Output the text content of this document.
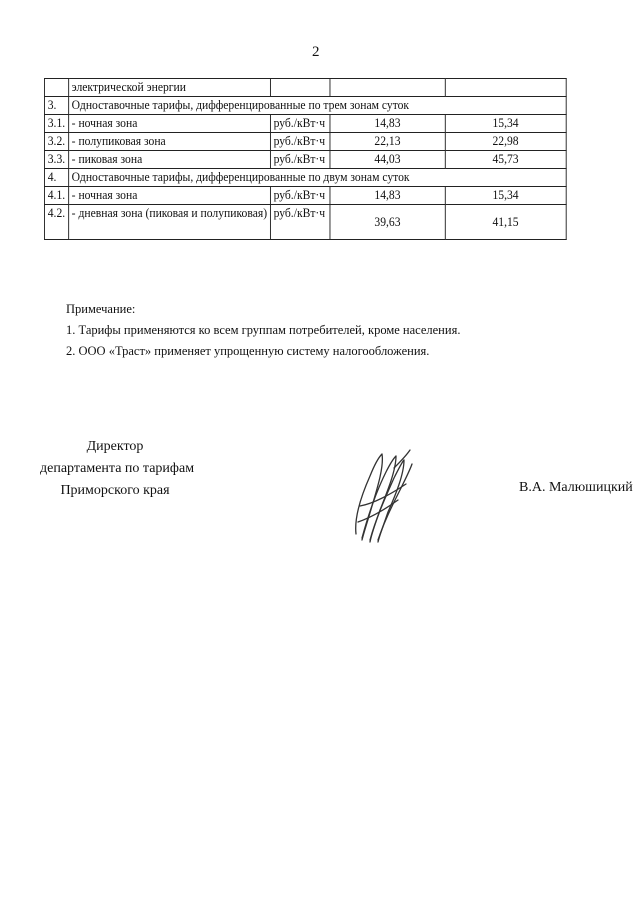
2
	электрической энергии			
3.	Одноставочные тарифы, дифференцированные по трем зонам суток			
3.1.	- ночная зона	руб./кВт·ч	14,83	15,34
3.2.	- полупиковая зона	руб./кВт·ч	22,13	22,98
3.3.	- пиковая зона	руб./кВт·ч	44,03	45,73
4.	Одноставочные тарифы, дифференцированные по двум зонам суток			
4.1.	- ночная зона	руб./кВт·ч	14,83	15,34
4.2.	- дневная зона (пиковая и полупиковая)	руб./кВт·ч	39,63	41,15

Примечание:

1. Тарифы применяются ко всем группам потребителей, кроме населения.

2. ООО «Траст» применяет упрощенную систему налогообложения.

Директор

департамента по тарифам

Приморского края	В.А. Малюшицкий
